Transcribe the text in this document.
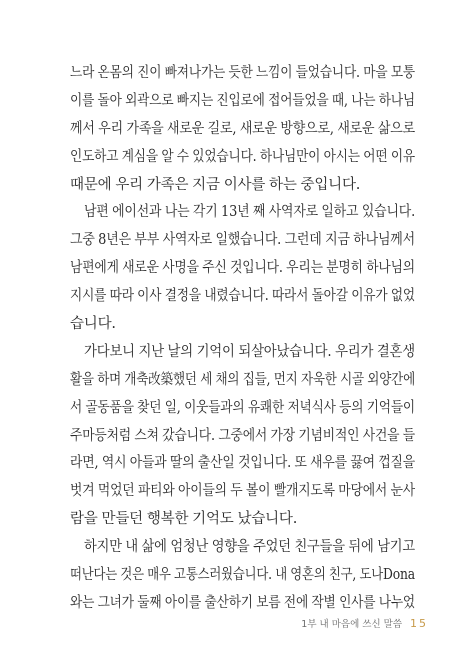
느라 온몸의 진이 빠져나가는 듯한 느낌이 들었습니다. 마을 모퉁
이를 돌아 외곽으로 빠지는 진입로에 접어들었을 때, 나는 하나님
께서 우리 가족을 새로운 길로, 새로운 방향으로, 새로운 삶으로
인도하고 계심을 알 수 있었습니다. 하나님만이 아시는 어떤 이유
때문에 우리 가족은 지금 이사를 하는 중입니다.
남편 에이선과 나는 각기 13년 째 사역자로 일하고 있습니다.
그중 8년은 부부 사역자로 일했습니다. 그런데 지금 하나님께서
남편에게 새로운 사명을 주신 것입니다. 우리는 분명히 하나님의
지시를 따라 이사 결정을 내렸습니다. 따라서 돌아갈 이유가 없었
습니다.
가다보니 지난 날의 기억이 되살아났습니다. 우리가 결혼생
활을 하며 개축改築했던 세 채의 집들, 먼지 자욱한 시골 외양간에
서 골동품을 찾던 일, 이웃들과의 유쾌한 저녁식사 등의 기억들이
주마등처럼 스쳐 갔습니다. 그중에서 가장 기념비적인 사건을 들
라면, 역시 아들과 딸의 출산일 것입니다. 또 새우를 끓여 껍질을
벗겨 먹었던 파티와 아이들의 두 볼이 빨개지도록 마당에서 눈사
람을 만들던 행복한 기억도 났습니다.
하지만 내 삶에 엄청난 영향을 주었던 친구들을 뒤에 남기고
떠난다는 것은 매우 고통스러웠습니다. 내 영혼의 친구, 도나Dona
와는 그녀가 둘째 아이를 출산하기 보름 전에 작별 인사를 나누었
1부 내 마음에 쓰신 말씀 15
